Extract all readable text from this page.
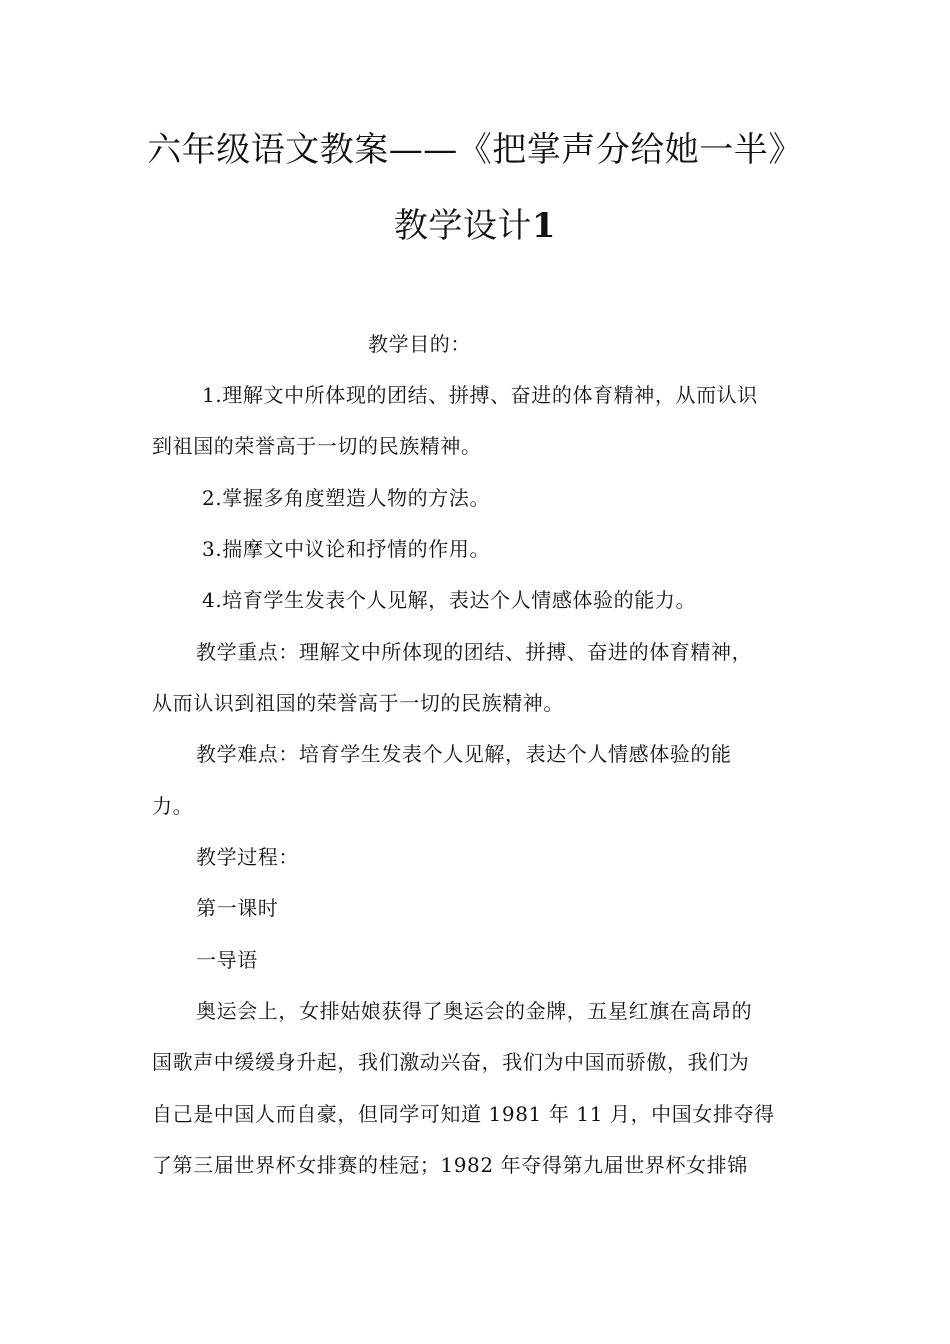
六年级语文教案——《把掌声分给她一半》
教学设计1
教学目的：
1.理解文中所体现的团结、拼搏、奋进的体育精神，从而认识
到祖国的荣誉高于一切的民族精神。
2.掌握多角度塑造人物的方法。
3.揣摩文中议论和抒情的作用。
4.培育学生发表个人见解，表达个人情感体验的能力。
教学重点：理解文中所体现的团结、拼搏、奋进的体育精神，
从而认识到祖国的荣誉高于一切的民族精神。
教学难点：培育学生发表个人见解，表达个人情感体验的能
力。
教学过程：
第一课时
一导语
奥运会上，女排姑娘获得了奥运会的金牌，五星红旗在高昂的
国歌声中缓缓身升起，我们激动兴奋，我们为中国而骄傲，我们为
自己是中国人而自豪，但同学可知道 1981 年 11 月，中国女排夺得
了第三届世界杯女排赛的桂冠；1982 年夺得第九届世界杯女排锦
